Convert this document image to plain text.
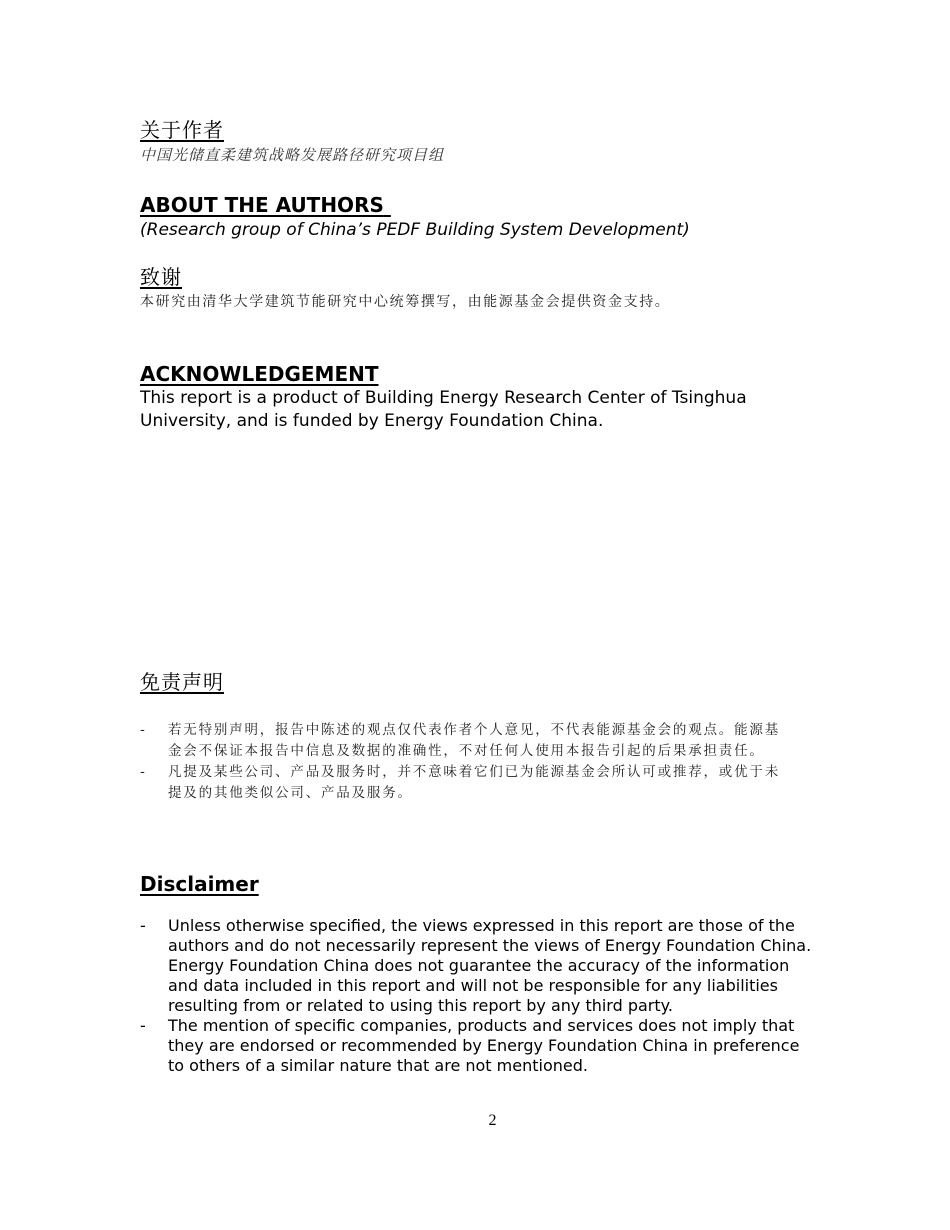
关于作者
中国光储直柔建筑战略发展路径研究项目组
ABOUT THE AUTHORS
(Research group of China’s PEDF Building System Development)
致谢
本研究由清华大学建筑节能研究中心统筹撰写，由能源基金会提供资金支持。
ACKNOWLEDGEMENT
This report is a product of Building Energy Research Center of Tsinghua University, and is funded by Energy Foundation China.
免责声明
- 若无特别声明，报告中陈述的观点仅代表作者个人意见，不代表能源基金会的观点。能源基金会不保证本报告中信息及数据的准确性，不对任何人使用本报告引起的后果承担责任。
- 凡提及某些公司、产品及服务时，并不意味着它们已为能源基金会所认可或推荐，或优于未提及的其他类似公司、产品及服务。
Disclaimer
- Unless otherwise specified, the views expressed in this report are those of the authors and do not necessarily represent the views of Energy Foundation China. Energy Foundation China does not guarantee the accuracy of the information and data included in this report and will not be responsible for any liabilities resulting from or related to using this report by any third party.
- The mention of specific companies, products and services does not imply that they are endorsed or recommended by Energy Foundation China in preference to others of a similar nature that are not mentioned.
2
